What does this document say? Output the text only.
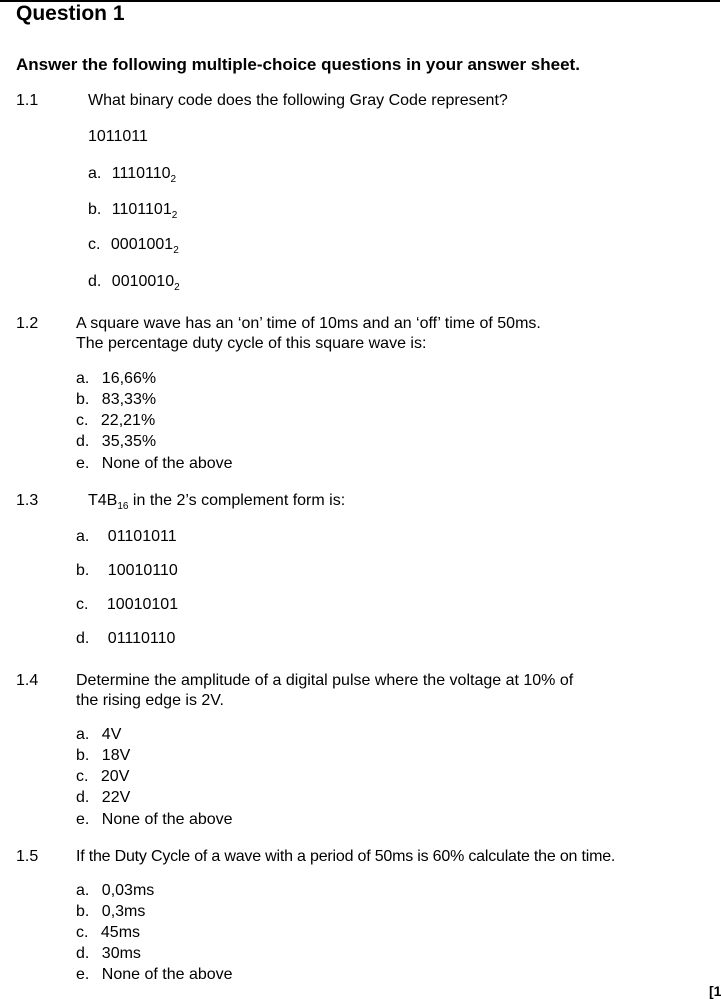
Question 1
Answer the following multiple-choice questions in your answer sheet.
1.1	What binary code does the following Gray Code represent?
1011011
a. $1110110_2$
b. $1101101_2$
c. $0001001_2$
d. $0010010_2$
1.2 A square wave has an ‘on’ time of 10ms and an ‘off’ time of 50ms.
The percentage duty cycle of this square wave is:
a. 16,66%
b. 83,33%
c. 22,21%
d. 35,35%
e. None of the above
1.3	$T4B_{16}$ in the 2’s complement form is:
a. 01101011
b. 10010110
c. 10010101
d. 01110110
1.4 Determine the amplitude of a digital pulse where the voltage at 10% of
the rising edge is 2V.
a. 4V
b. 18V
c. 20V
d. 22V
e. None of the above
1.5 If the Duty Cycle of a wave with a period of 50ms is 60% calculate the on time.
a. 0,03ms
b. 0,3ms
c. 45ms
d. 30ms
e. None of the above
[1
